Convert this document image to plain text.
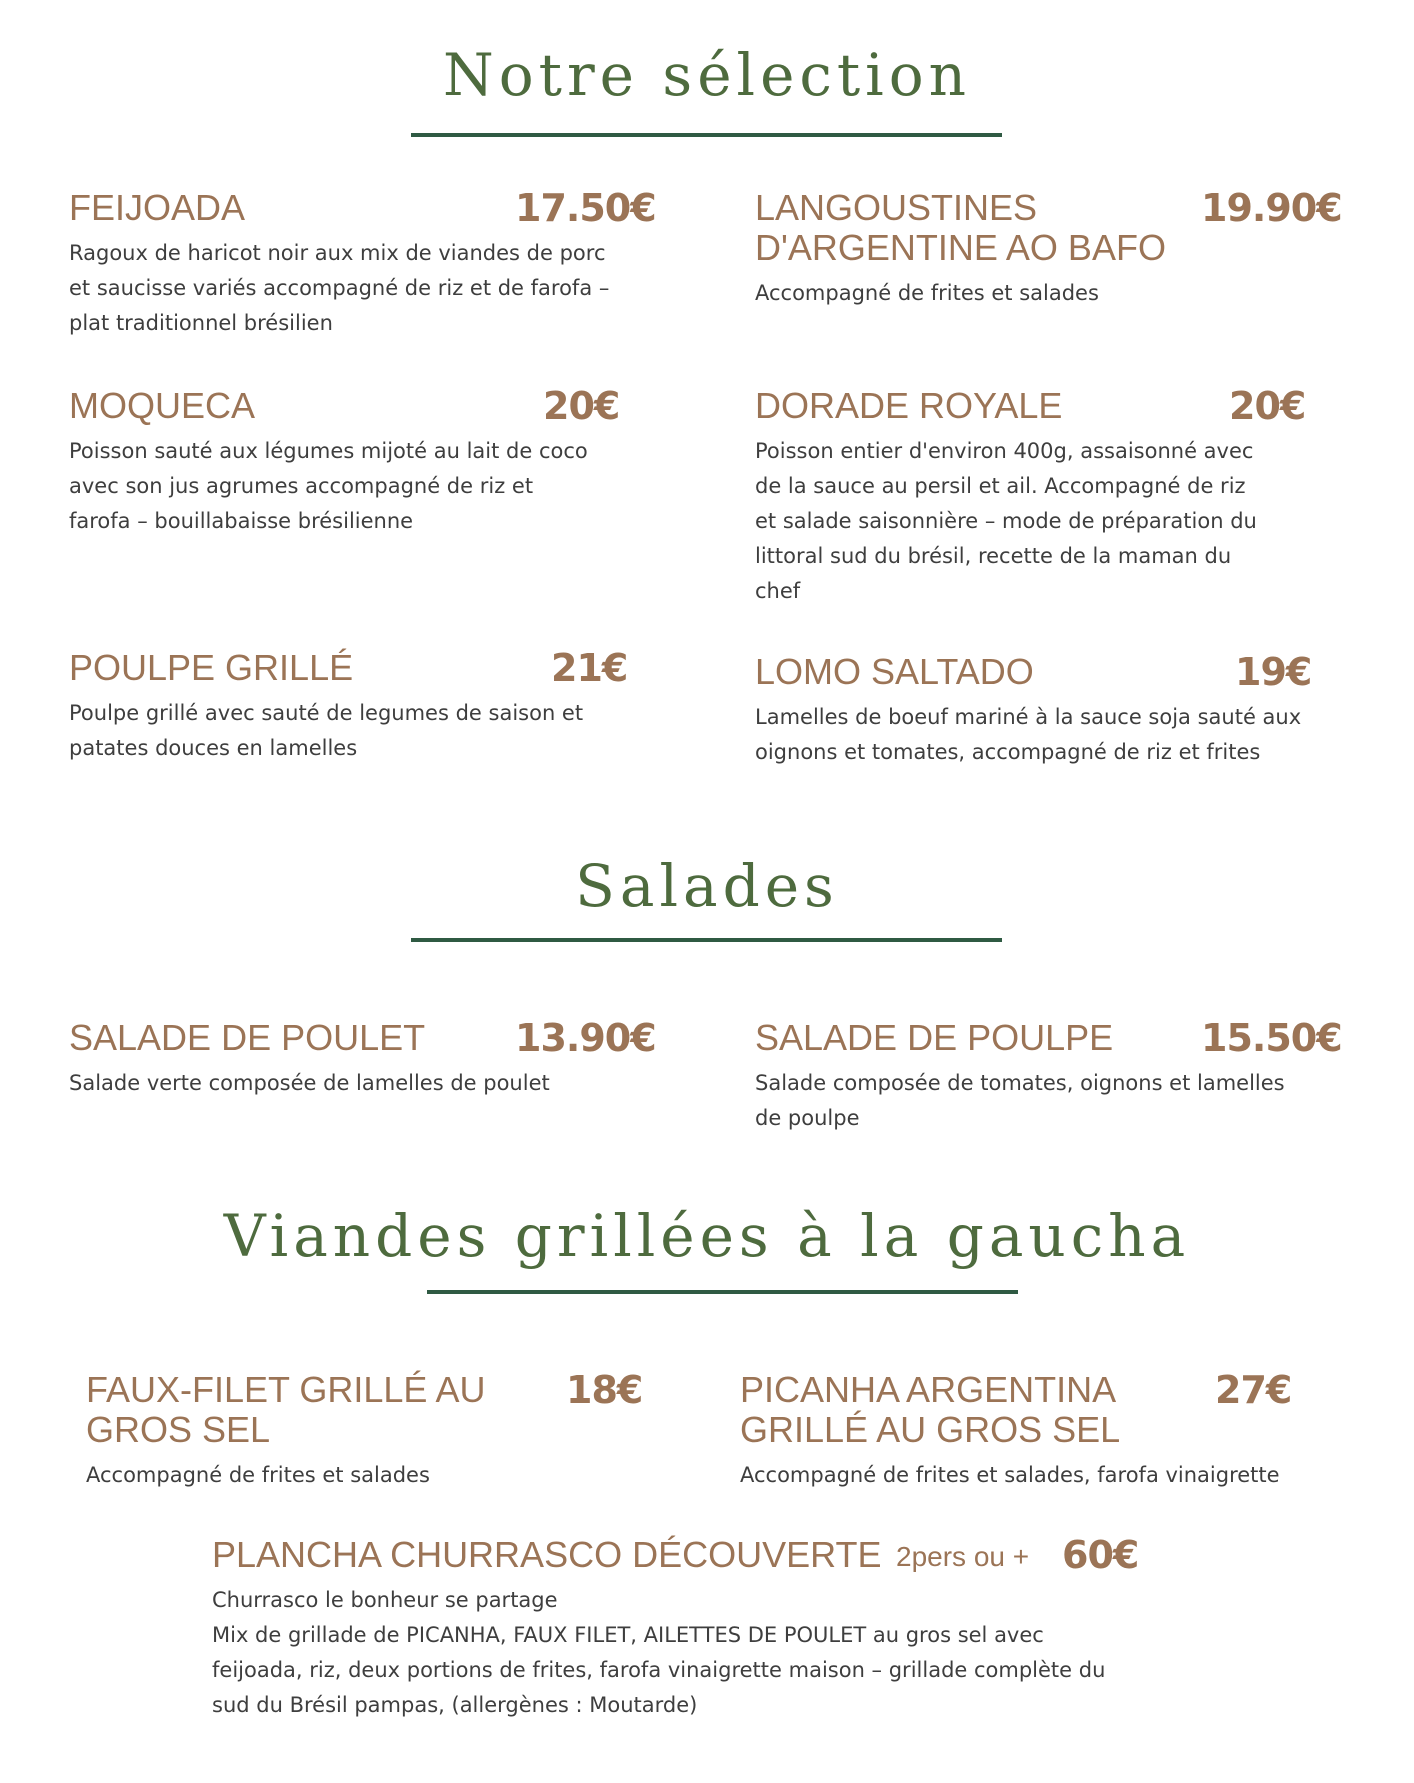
Notre sélection
FEIJOADA	17.50€

Ragoux de haricot noir aux mix de viandes de porc
et saucisse variés accompagné de riz et de farofa –
plat traditionnel brésilien

LANGOUSTINES
D'ARGENTINE AO BAFO
19.90€

Accompagné de frites et salades

MOQUECA	20€

Poisson sauté aux légumes mijoté au lait de coco
avec son jus agrumes accompagné de riz et
farofa – bouillabaisse brésilienne

DORADE ROYALE	20€

Poisson entier d'environ 400g, assaisonné avec
de la sauce au persil et ail. Accompagné de riz
et salade saisonnière – mode de préparation du
littoral sud du brésil, recette de la maman du
chef

POULPE GRILLÉ	21€

Poulpe grillé avec sauté de legumes de saison et
patates douces en lamelles

LOMO SALTADO	19€

Lamelles de boeuf mariné à la sauce soja sauté aux
oignons et tomates, accompagné de riz et frites

Salades
SALADE DE POULET 13.90€

Salade verte composée de lamelles de poulet

SALADE DE POULPE 15.50€

Salade composée de tomates, oignons et lamelles
de poulpe

Viandes grillées à la gaucha
FAUX-FILET GRILLÉ AU
GROS SEL
18€

Accompagné de frites et salades

PICANHA ARGENTINA
GRILLÉ AU GROS SEL
27€

Accompagné de frites et salades, farofa vinaigrette

PLANCHA CHURRASCO DÉCOUVERTE 2pers ou + 60€

Churrasco le bonheur se partage
Mix de grillade de PICANHA, FAUX FILET, AILETTES DE POULET au gros sel avec
feijoada, riz, deux portions de frites, farofa vinaigrette maison – grillade complète du
sud du Brésil pampas, (allergènes : Moutarde)
